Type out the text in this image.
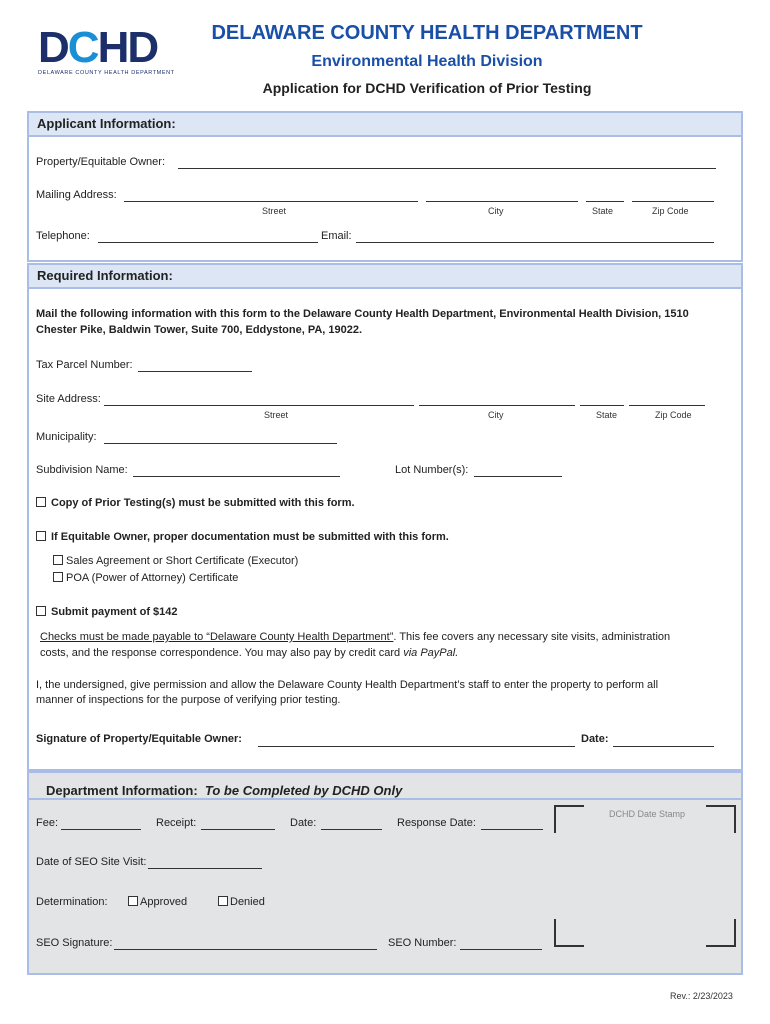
DCHD
DELAWARE COUNTY HEALTH DEPARTMENT
DELAWARE COUNTY HEALTH DEPARTMENT
Environmental Health Division
Application for DCHD Verification of Prior Testing
Applicant Information:
Property/Equitable Owner:
Mailing Address:
Street	City	State	Zip Code
Telephone:	Email:
Required Information:
Mail the following information with this form to the Delaware County Health Department, Environmental Health Division, 1510
Chester Pike, Baldwin Tower, Suite 700, Eddystone, PA, 19022.
Tax Parcel Number:
Site Address:
Street	City	State	Zip Code
Municipality:
Subdivision Name:	Lot Number(s):
Copy of Prior Testing(s) must be submitted with this form.
If Equitable Owner, proper documentation must be submitted with this form.
Sales Agreement or Short Certificate (Executor)
POA (Power of Attorney) Certificate
Submit payment of $142
Checks must be made payable to “Delaware County Health Department”. This fee covers any necessary site visits, administration
costs, and the response correspondence. You may also pay by credit card via PayPal.
I, the undersigned, give permission and allow the Delaware County Health Department’s staff to enter the property to perform all
manner of inspections for the purpose of verifying prior testing.
Signature of Property/Equitable Owner:	Date:
Department Information: To be Completed by DCHD Only
Fee:	Receipt:	Date:	Response Date:
DCHD Date Stamp
Date of SEO Site Visit:
Determination:	Approved	Denied
SEO Signature:	SEO Number:
Rev.: 2/23/2023
